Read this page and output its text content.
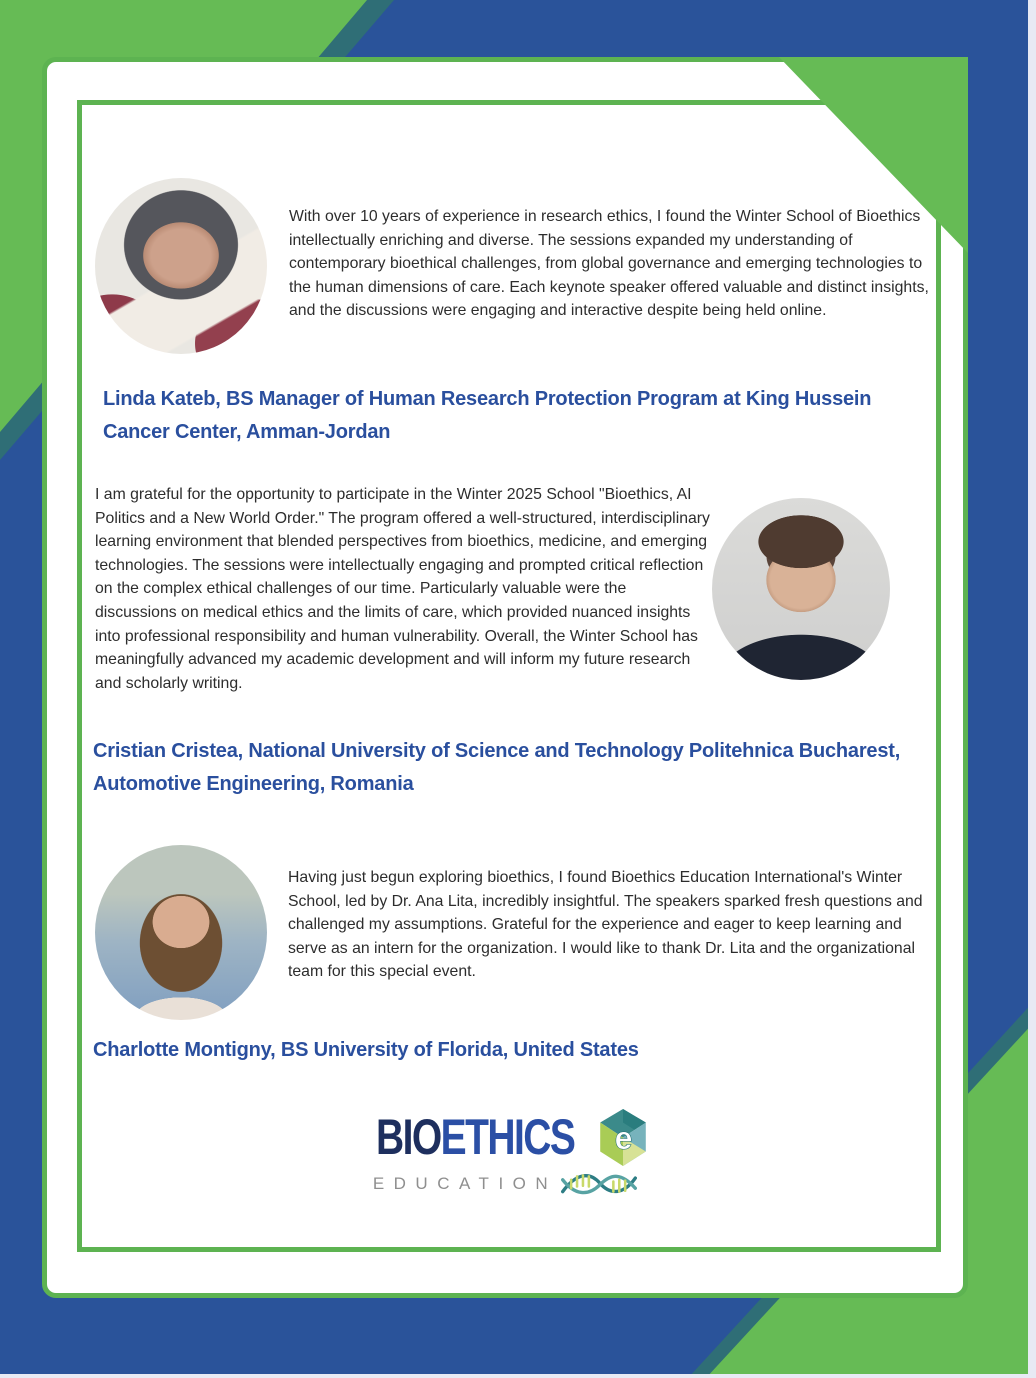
With over 10 years of experience in research ethics, I found the Winter School of Bioethics intellectually enriching and diverse. The sessions expanded my understanding of contemporary bioethical challenges, from global governance and emerging technologies to the human dimensions of care. Each keynote speaker offered valuable and distinct insights, and the discussions were engaging and interactive despite being held online.
Linda Kateb, BS Manager of Human Research Protection Program at King Hussein Cancer Center, Amman-Jordan
I am grateful for the opportunity to participate in the Winter 2025 School "Bioethics, AI Politics and a New World Order." The program offered a well-structured, interdisciplinary learning environment that blended perspectives from bioethics, medicine, and emerging technologies. The sessions were intellectually engaging and prompted critical reflection on the complex ethical challenges of our time. Particularly valuable were the discussions on medical ethics and the limits of care, which provided nuanced insights into professional responsibility and human vulnerability. Overall, the Winter School has meaningfully advanced my academic development and will inform my future research and scholarly writing.
Cristian Cristea, National University of Science and Technology Politehnica Bucharest, Automotive Engineering, Romania
Having just begun exploring bioethics, I found Bioethics Education International's Winter School, led by Dr. Ana Lita, incredibly insightful. The speakers sparked fresh questions and challenged my assumptions. Grateful for the experience and eager to keep learning and serve as an intern for the organization. I would like to thank Dr. Lita and the organizational team for this special event.
Charlotte Montigny, BS University of Florida, United States
BIOETHICS e
EDUCATION
